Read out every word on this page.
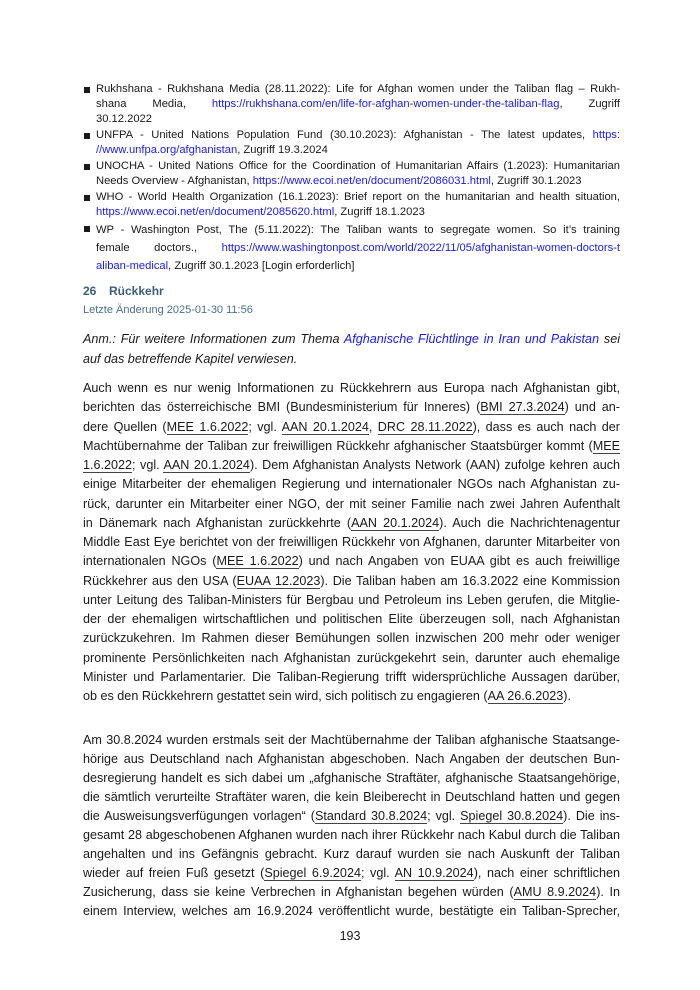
Rukhshana - Rukhshana Media (28.11.2022): Life for Afghan women under the Taliban flag – Rukh-
shana Media, https://rukhshana.com/en/life-for-afghan-women-under-the-taliban-flag, Zugriff
30.12.2022
UNFPA - United Nations Population Fund (30.10.2023): Afghanistan - The latest updates, https:
//www.unfpa.org/afghanistan, Zugriff 19.3.2024
UNOCHA - United Nations Office for the Coordination of Humanitarian Affairs (1.2023): Humanitarian
Needs Overview - Afghanistan, https://www.ecoi.net/en/document/2086031.html, Zugriff 30.1.2023
WHO - World Health Organization (16.1.2023): Brief report on the humanitarian and health situation,
https://www.ecoi.net/en/document/2085620.html, Zugriff 18.1.2023
WP - Washington Post, The (5.11.2022): The Taliban wants to segregate women. So it’s training
female doctors., https://www.washingtonpost.com/world/2022/11/05/afghanistan-women-doctors-t
aliban-medical, Zugriff 30.1.2023 [Login erforderlich]
26 Rückkehr
Letzte Änderung 2025-01-30 11:56
Anm.: Für weitere Informationen zum Thema Afghanische Flüchtlinge in Iran und Pakistan sei
auf das betreffende Kapitel verwiesen.
Auch wenn es nur wenig Informationen zu Rückkehrern aus Europa nach Afghanistan gibt,
berichten das österreichische BMI (Bundesministerium für Inneres) (BMI 27.3.2024) und an-
dere Quellen (MEE 1.6.2022; vgl. AAN 20.1.2024, DRC 28.11.2022), dass es auch nach der
Machtübernahme der Taliban zur freiwilligen Rückkehr afghanischer Staatsbürger kommt (MEE
1.6.2022; vgl. AAN 20.1.2024). Dem Afghanistan Analysts Network (AAN) zufolge kehren auch
einige Mitarbeiter der ehemaligen Regierung und internationaler NGOs nach Afghanistan zu-
rück, darunter ein Mitarbeiter einer NGO, der mit seiner Familie nach zwei Jahren Aufenthalt
in Dänemark nach Afghanistan zurückkehrte (AAN 20.1.2024). Auch die Nachrichtenagentur
Middle East Eye berichtet von der freiwilligen Rückkehr von Afghanen, darunter Mitarbeiter von
internationalen NGOs (MEE 1.6.2022) und nach Angaben von EUAA gibt es auch freiwillige
Rückkehrer aus den USA (EUAA 12.2023). Die Taliban haben am 16.3.2022 eine Kommission
unter Leitung des Taliban-Ministers für Bergbau und Petroleum ins Leben gerufen, die Mitglie-
der der ehemaligen wirtschaftlichen und politischen Elite überzeugen soll, nach Afghanistan
zurückzukehren. Im Rahmen dieser Bemühungen sollen inzwischen 200 mehr oder weniger
prominente Persönlichkeiten nach Afghanistan zurückgekehrt sein, darunter auch ehemalige
Minister und Parlamentarier. Die Taliban-Regierung trifft widersprüchliche Aussagen darüber,
ob es den Rückkehrern gestattet sein wird, sich politisch zu engagieren (AA 26.6.2023).
Am 30.8.2024 wurden erstmals seit der Machtübernahme der Taliban afghanische Staatsange-
hörige aus Deutschland nach Afghanistan abgeschoben. Nach Angaben der deutschen Bun-
desregierung handelt es sich dabei um „afghanische Straftäter, afghanische Staatsangehörige,
die sämtlich verurteilte Straftäter waren, die kein Bleiberecht in Deutschland hatten und gegen
die Ausweisungsverfügungen vorlagen“ (Standard 30.8.2024; vgl. Spiegel 30.8.2024). Die ins-
gesamt 28 abgeschobenen Afghanen wurden nach ihrer Rückkehr nach Kabul durch die Taliban
angehalten und ins Gefängnis gebracht. Kurz darauf wurden sie nach Auskunft der Taliban
wieder auf freien Fuß gesetzt (Spiegel 6.9.2024; vgl. AN 10.9.2024), nach einer schriftlichen
Zusicherung, dass sie keine Verbrechen in Afghanistan begehen würden (AMU 8.9.2024). In
einem Interview, welches am 16.9.2024 veröffentlicht wurde, bestätigte ein Taliban-Sprecher,
193
